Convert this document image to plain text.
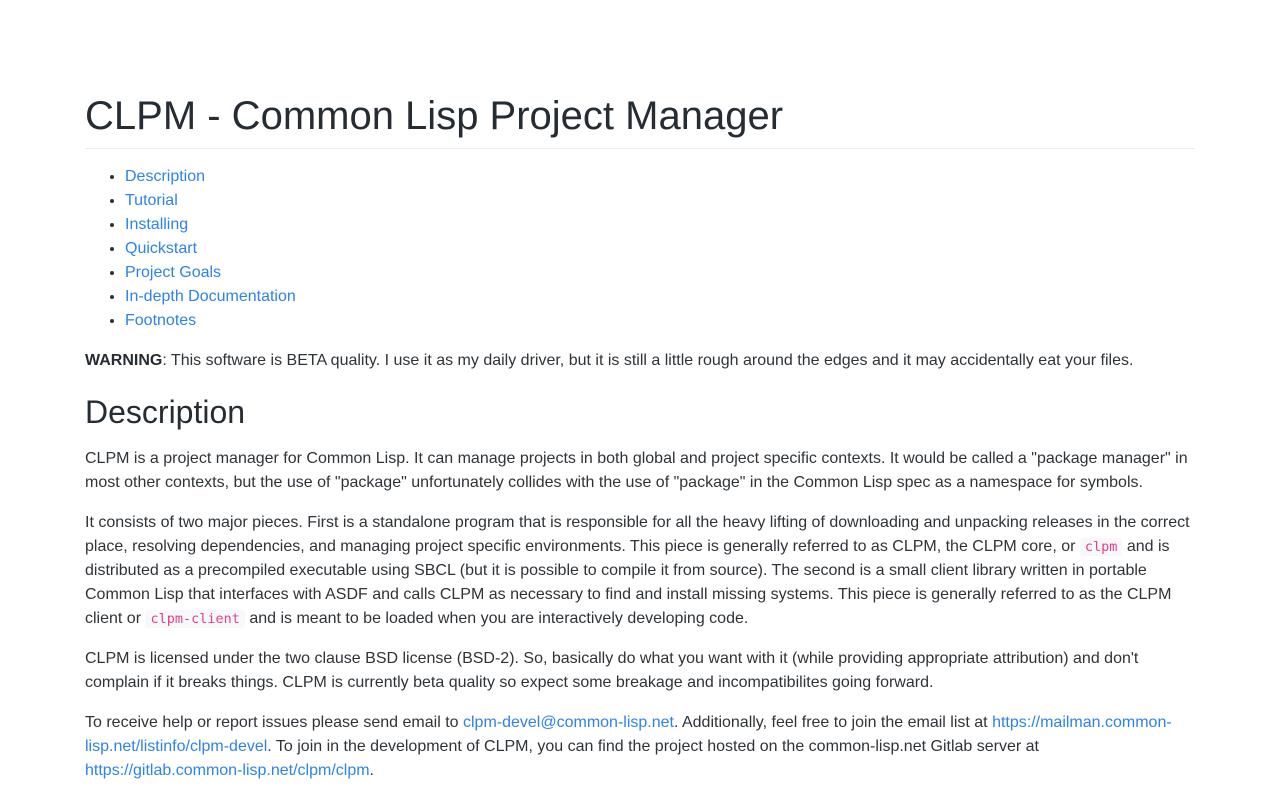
CLPM - Common Lisp Project Manager
• Description
• Tutorial
• Installing
• Quickstart
• Project Goals
• In-depth Documentation
• Footnotes

WARNING: This software is BETA quality. I use it as my daily driver, but it is still a little rough around the edges and it may accidentally eat your files.

Description

CLPM is a project manager for Common Lisp. It can manage projects in both global and project specific contexts. It would be called a "package manager" in most other contexts, but the use of "package" unfortunately collides with the use of "package" in the Common Lisp spec as a namespace for symbols.

It consists of two major pieces. First is a standalone program that is responsible for all the heavy lifting of downloading and unpacking releases in the correct place, resolving dependencies, and managing project specific environments. This piece is generally referred to as CLPM, the CLPM core, or clpm and is distributed as a precompiled executable using SBCL (but it is possible to compile it from source). The second is a small client library written in portable Common Lisp that interfaces with ASDF and calls CLPM as necessary to find and install missing systems. This piece is generally referred to as the CLPM client or clpm-client and is meant to be loaded when you are interactively developing code.

CLPM is licensed under the two clause BSD license (BSD-2). So, basically do what you want with it (while providing appropriate attribution) and don't complain if it breaks things. CLPM is currently beta quality so expect some breakage and incompatibilites going forward.

To receive help or report issues please send email to clpm-devel@common-lisp.net. Additionally, feel free to join the email list at https://mailman.common-lisp.net/listinfo/clpm-devel. To join in the development of CLPM, you can find the project hosted on the common-lisp.net Gitlab server at https://gitlab.common-lisp.net/clpm/clpm.
